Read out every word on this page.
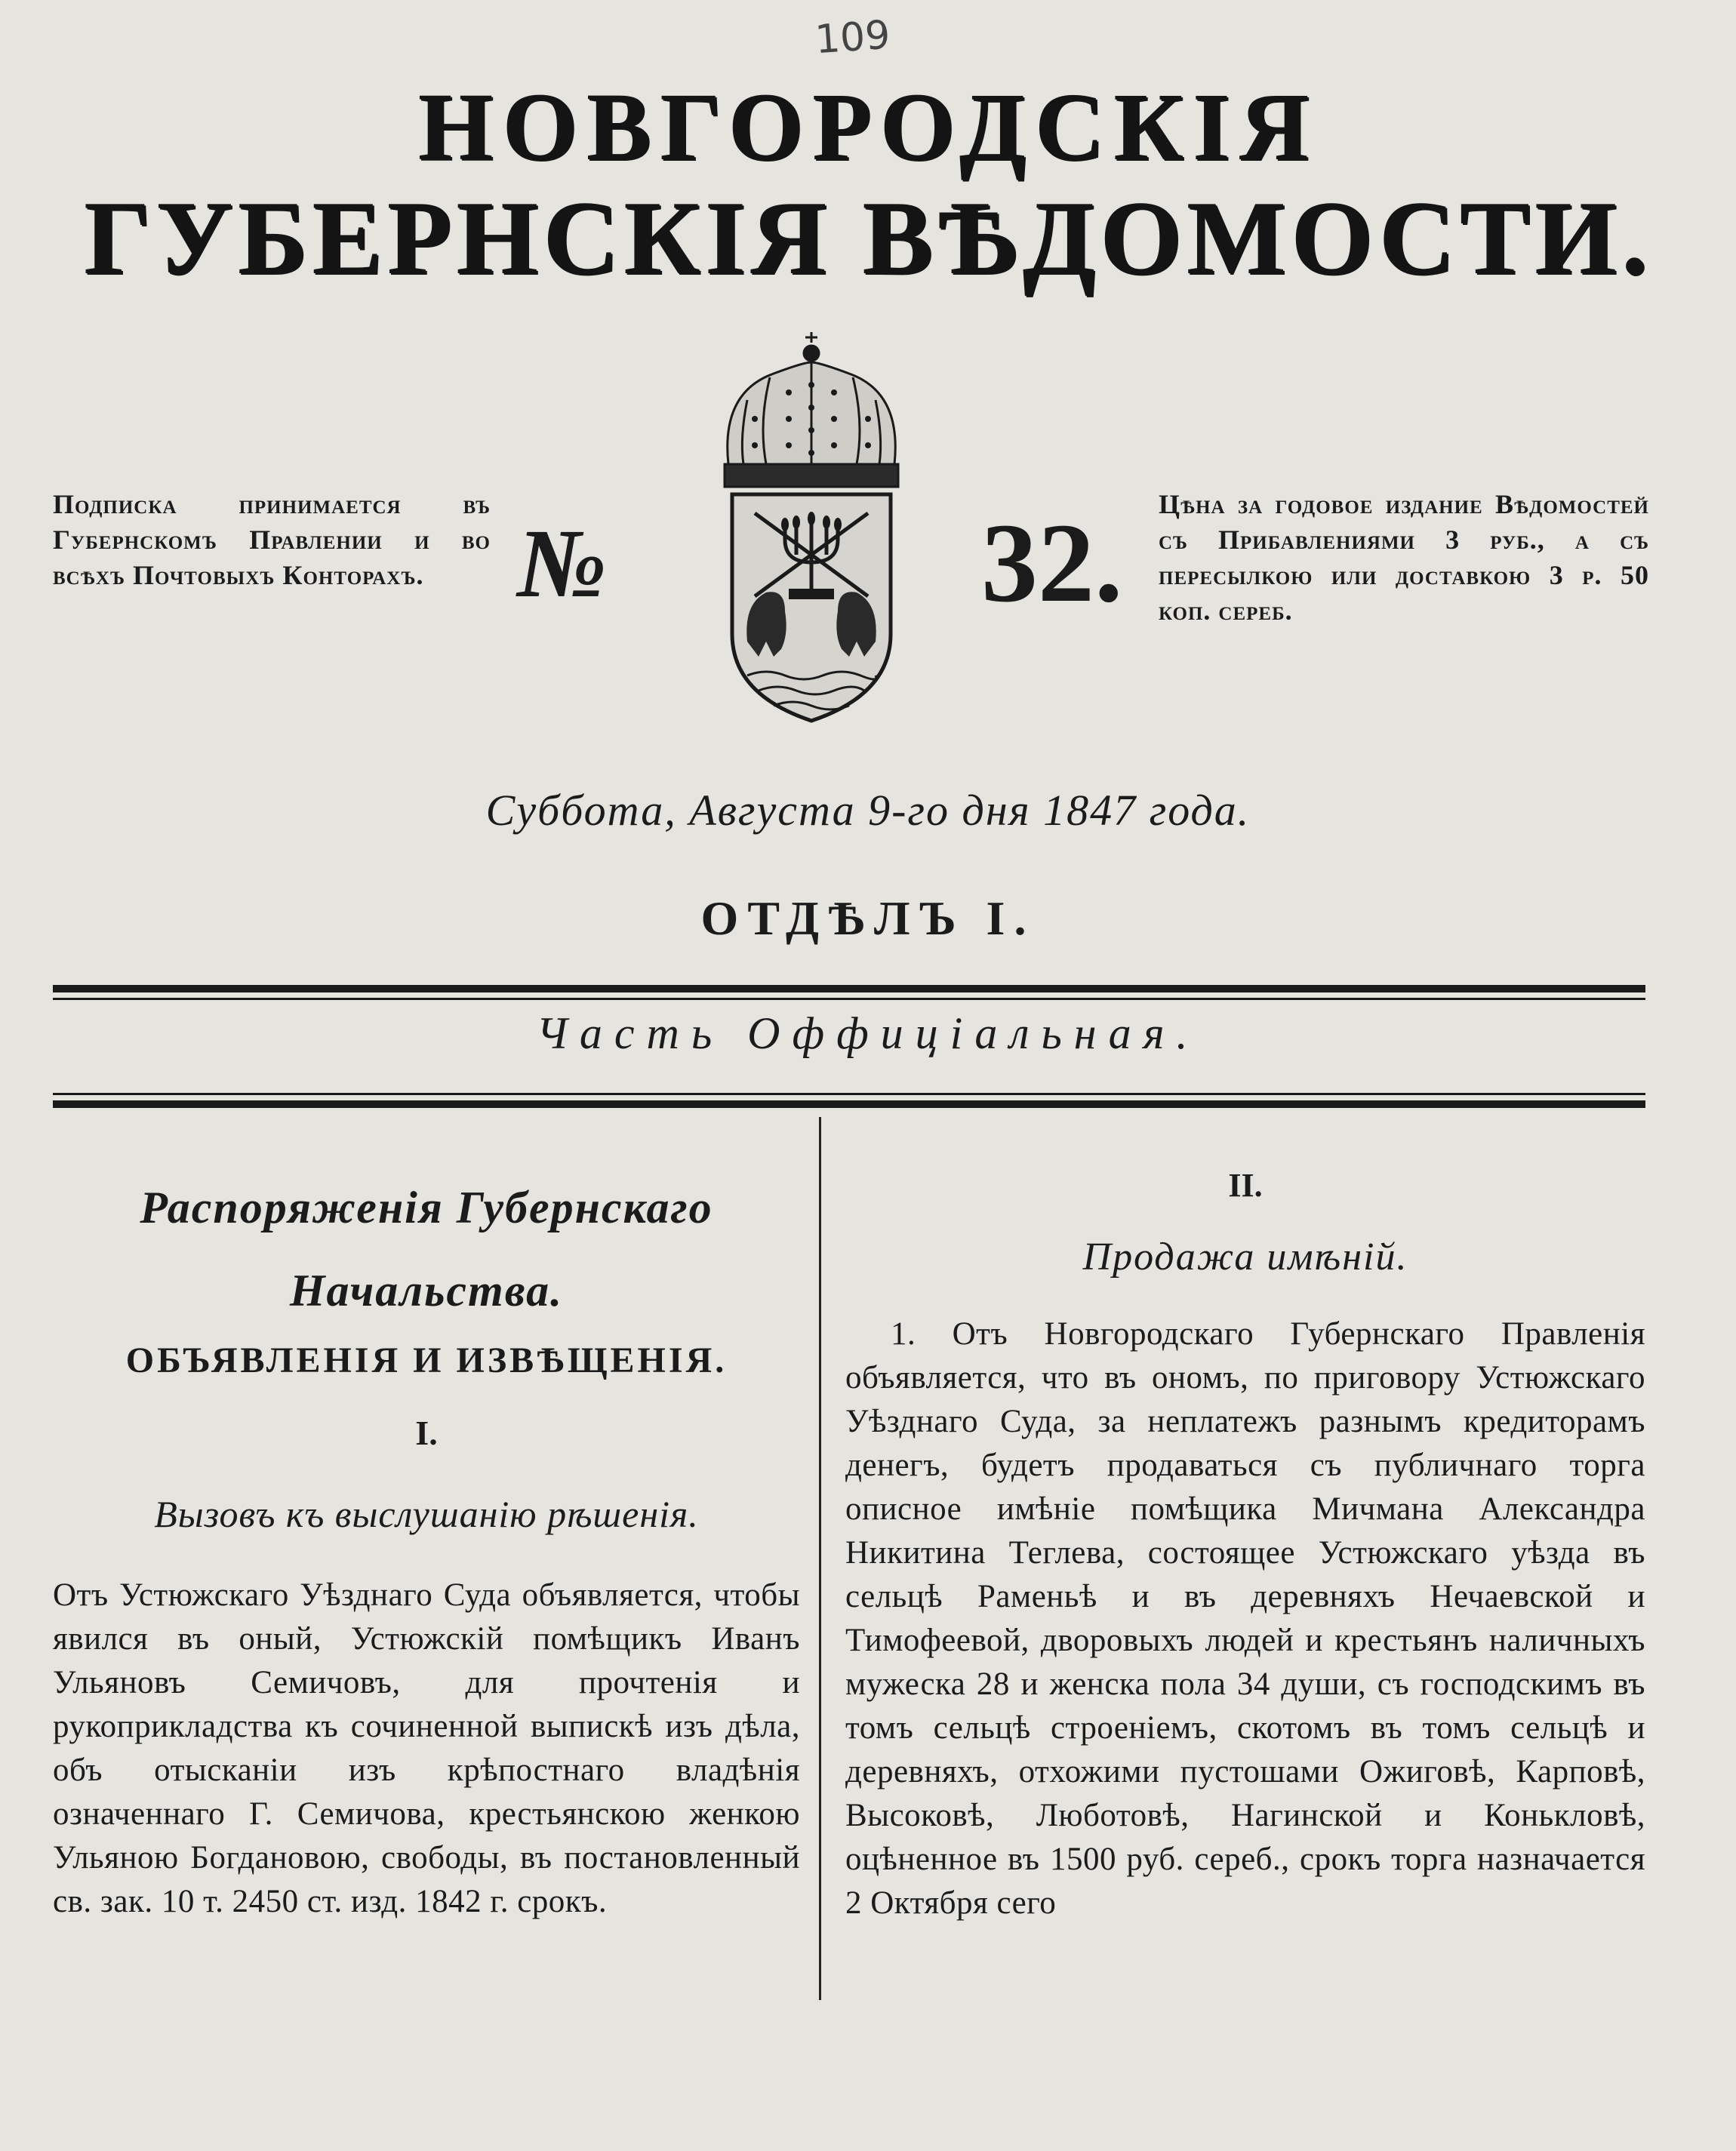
109
НОВГОРОДСКІЯ
ГУБЕРНСКІЯ ВѢДОМОСТИ.
Подписка принимается въ Губернскомъ Правлении и во всѣхъ Почтовыхъ Конторахъ. №	32. Цѣна за годовое издание Вѣдомостей съ Прибавлениями 3 руб., а съ пересылкою или доставкою 3 р. 50 коп. сереб.
Суббота, Августа 9-го дня 1847 года.
ОТДѢЛЪ I.
Часть Оффиціальная.
Распоряженія Губернскаго Начальства.
ОБЪЯВЛЕНІЯ И ИЗВѢЩЕНІЯ.
I.
Вызовъ къ выслушанію рѣшенія.
Отъ Устюжскаго Уѣзднаго Суда объявляется, чтобы явился въ оный, Устюжскій помѣщикъ Иванъ Ульяновъ Семичовъ, для прочтенія и рукоприкладства къ сочиненной выпискѣ изъ дѣла, объ отысканіи изъ крѣпостнаго владѣнія означеннаго Г. Семичова, крестьянскою женкою Ульяною Богдановою, свободы, въ постановленный св. зак. 10 т. 2450 ст. изд. 1842 г. срокъ.
II.
Продажа имѣній.
1. Отъ Новгородскаго Губернскаго Правленія объявляется, что въ ономъ, по приговору Устюжскаго Уѣзднаго Суда, за неплатежъ разнымъ кредиторамъ денегъ, будетъ продаваться съ публичнаго торга описное имѣніе помѣщика Мичмана Александра Никитина Теглева, состоящее Устюжскаго уѣзда въ сельцѣ Раменьѣ и въ деревняхъ Нечаевской и Тимофеевой, дворовыхъ людей и крестьянъ наличныхъ мужеска 28 и женска пола 34 души, съ господскимъ въ томъ сельцѣ строеніемъ, скотомъ въ томъ сельцѣ и деревняхъ, отхожими пустошами Ожиговѣ, Карповѣ, Высоковѣ, Люботовѣ, Нагинской и Конькловѣ, оцѣненное въ 1500 руб. сереб., срокъ торга назначается 2 Октября сего
